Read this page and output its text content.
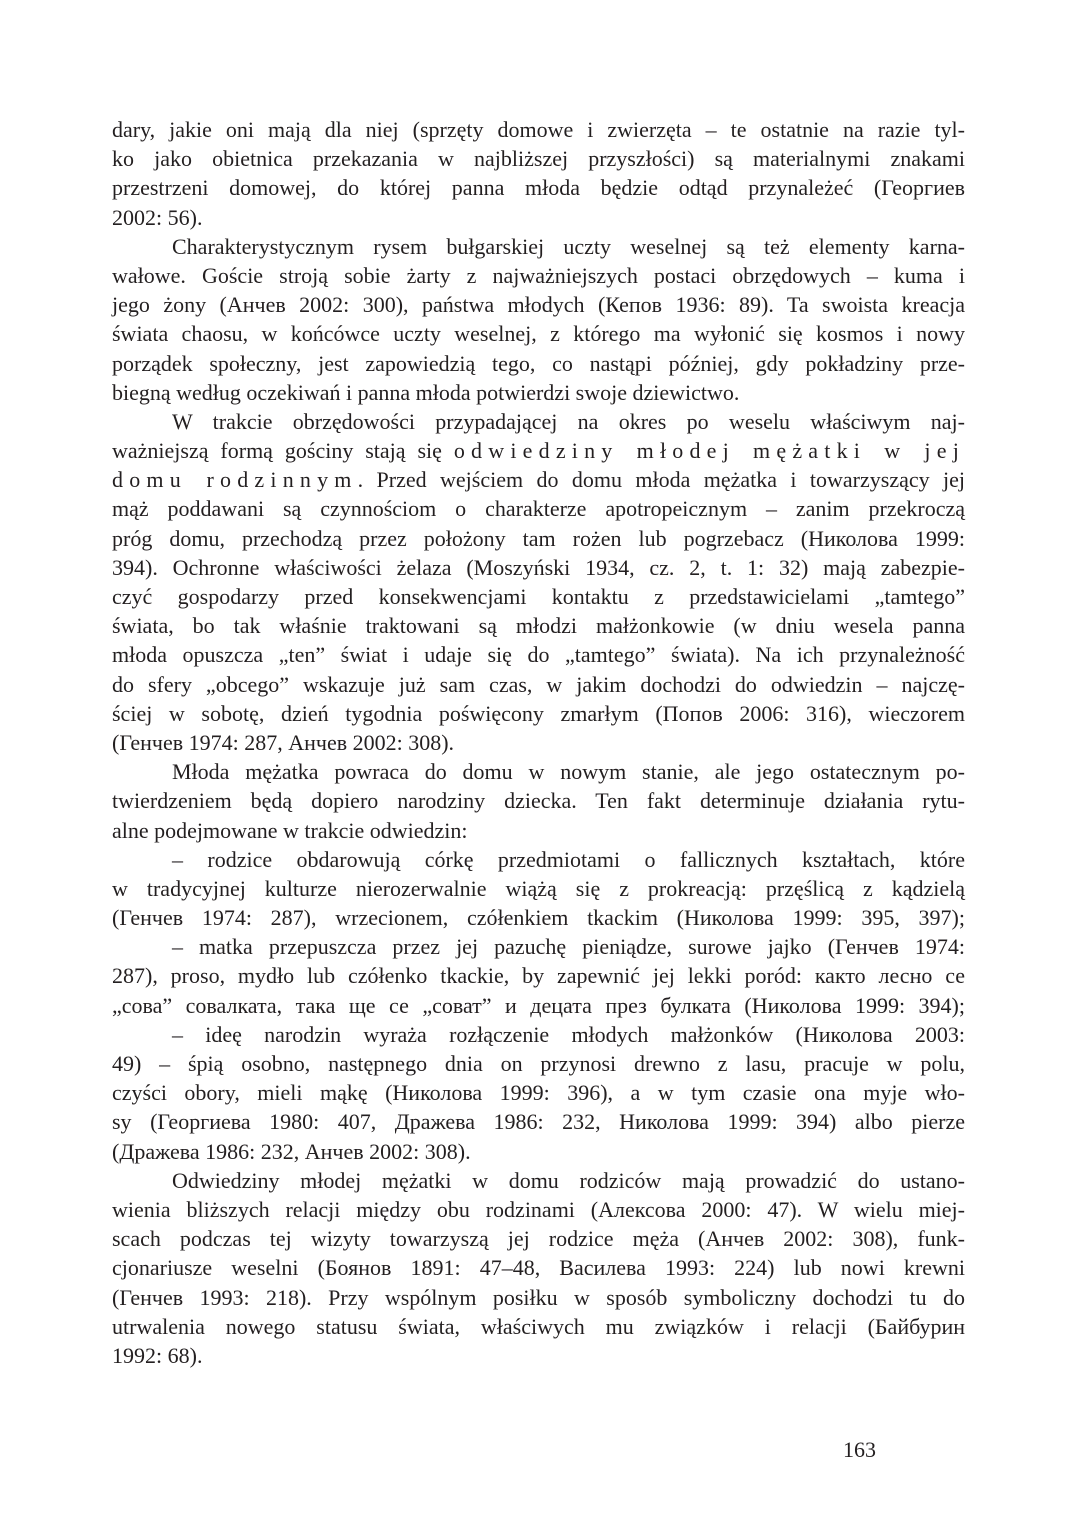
dary, jakie oni mają dla niej (sprzęty domowe i zwierzęta – te ostatnie na razie tyl-
ko jako obietnica przekazania w najbliższej przyszłości) są materialnymi znakami
przestrzeni domowej, do której panna młoda będzie odtąd przynależeć (Георгиев
2002: 56).
Charakterystycznym rysem bułgarskiej uczty weselnej są też elementy karna-
wałowe. Goście stroją sobie żarty z najważniejszych postaci obrzędowych – kuma i
jego żony (Анчев 2002: 300), państwa młodych (Кепов 1936: 89). Ta swoista kreacja
świata chaosu, w końcówce uczty weselnej, z którego ma wyłonić się kosmos i nowy
porządek społeczny, jest zapowiedzią tego, co nastąpi później, gdy pokładziny prze-
biegną według oczekiwań i panna młoda potwierdzi swoje dziewictwo.
W trakcie obrzędowości przypadającej na okres po weselu właściwym naj-
ważniejszą formą gościny stają się odwiedziny młodej mężatki w jej
domu rodzinnym. Przed wejściem do domu młoda mężatka i towarzyszący jej
mąż poddawani są czynnościom o charakterze apotropeicznym – zanim przekroczą
próg domu, przechodzą przez położony tam rożen lub pogrzebacz (Николова 1999:
394). Ochronne właściwości żelaza (Moszyński 1934, cz. 2, t. 1: 32) mają zabezpie-
czyć gospodarzy przed konsekwencjami kontaktu z przedstawicielami „tamtego”
świata, bo tak właśnie traktowani są młodzi małżonkowie (w dniu wesela panna
młoda opuszcza „ten” świat i udaje się do „tamtego” świata). Na ich przynależność
do sfery „obcego” wskazuje już sam czas, w jakim dochodzi do odwiedzin – najczę-
ściej w sobotę, dzień tygodnia poświęcony zmarłym (Попов 2006: 316), wieczorem
(Генчев 1974: 287, Анчев 2002: 308).
Młoda mężatka powraca do domu w nowym stanie, ale jego ostatecznym po-
twierdzeniem będą dopiero narodziny dziecka. Ten fakt determinuje działania rytu-
alne podejmowane w trakcie odwiedzin:
– rodzice obdarowują córkę przedmiotami o fallicznych kształtach, które
w tradycyjnej kulturze nierozerwalnie wiążą się z prokreacją: przęślicą z kądzielą
(Генчев 1974: 287), wrzecionem, czółenkiem tkackim (Николова 1999: 395, 397);
– matka przepuszcza przez jej pazuchę pieniądze, surowe jajko (Генчев 1974:
287), proso, mydło lub czółenko tkackie, by zapewnić jej lekki poród: както лесно се
„сова” совалката, така ще се „соват” и децата през булката (Николова 1999: 394);
– ideę narodzin wyraża rozłączenie młodych małżonków (Николова 2003:
49) – śpią osobno, następnego dnia on przynosi drewno z lasu, pracuje w polu,
czyści obory, mieli mąkę (Николова 1999: 396), a w tym czasie ona myje wło-
sy (Георгиева 1980: 407, Дражева 1986: 232, Николова 1999: 394) albo pierze
(Дражева 1986: 232, Анчев 2002: 308).
Odwiedziny młodej mężatki w domu rodziców mają prowadzić do ustano-
wienia bliższych relacji między obu rodzinami (Алексова 2000: 47). W wielu miej-
scach podczas tej wizyty towarzyszą jej rodzice męża (Анчев 2002: 308), funk-
cjonariusze weselni (Боянов 1891: 47–48, Василева 1993: 224) lub nowi krewni
(Генчев 1993: 218). Przy wspólnym posiłku w sposób symboliczny dochodzi tu do
utrwalenia nowego statusu świata, właściwych mu związków i relacji (Байбурин
1992: 68).
163
